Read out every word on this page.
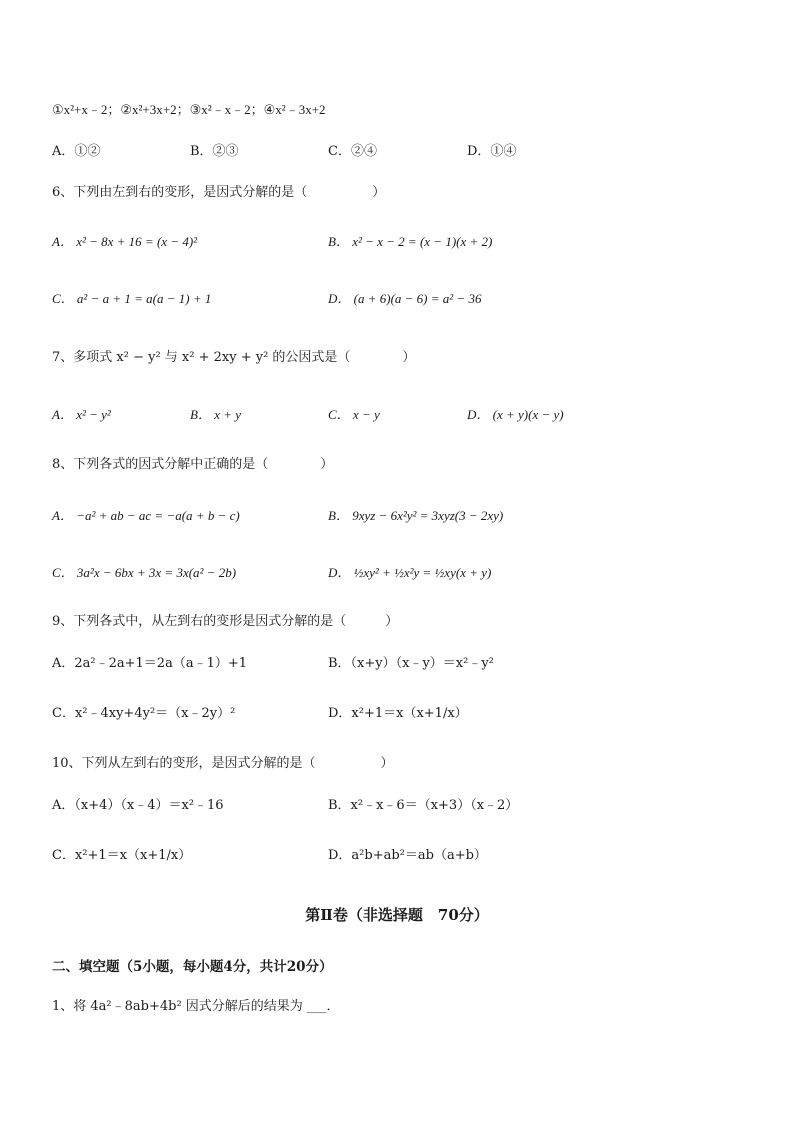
①x²+x﹣2；②x²+3x+2；③x²﹣x﹣2；④x²﹣3x+2
A．①②	B．②③	C．②④	D．①④
6、下列由左到右的变形，是因式分解的是（　　　　　）
A． x² − 8x + 16 = (x − 4)²	B． x² − x − 2 = (x − 1)(x + 2)
C． a² − a + 1 = a(a − 1) + 1	D． (a + 6)(a − 6) = a² − 36
7、多项式 x² − y² 与 x² + 2xy + y² 的公因式是（　　　　）
A． x² − y²	B． x + y	C． x − y	D． (x + y)(x − y)
8、下列各式的因式分解中正确的是（　　　　）
A． −a² + ab − ac = −a(a + b − c)	B． 9xyz − 6x²y² = 3xyz(3 − 2xy)
C． 3a²x − 6bx + 3x = 3x(a² − 2b)	D． ½xy² + ½x²y = ½xy(x + y)
9、下列各式中，从左到右的变形是因式分解的是（　　　）
A．2a²﹣2a+1＝2a（a﹣1）+1	B．（x+y）（x﹣y）＝x²﹣y²
C．x²﹣4xy+4y²＝（x﹣2y）²	D．x²+1＝x（x+1/x）
10、下列从左到右的变形，是因式分解的是（　　　　　）
A．（x+4）（x﹣4）＝x²﹣16	B．x²﹣x﹣6＝（x+3）（x﹣2）
C．x²+1＝x（x+1/x）	D．a²b+ab²＝ab（a+b）
第Ⅱ卷（非选择题　70分）
二、填空题（5小题，每小题4分，共计20分）
1、将 4a²﹣8ab+4b² 因式分解后的结果为 ___．
